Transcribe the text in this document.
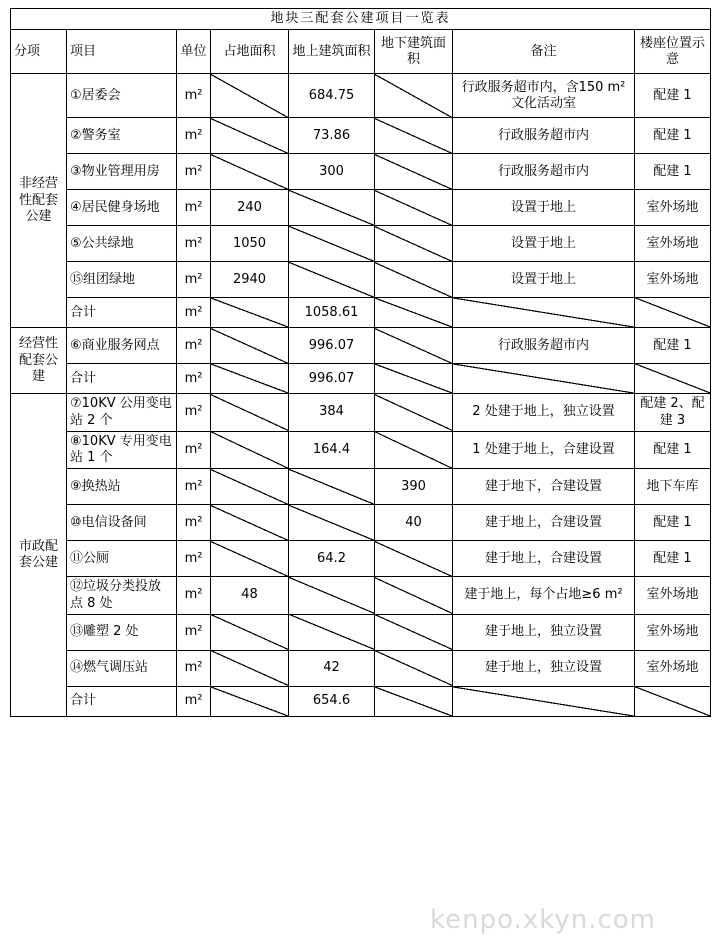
地块三配套公建项目一览表							
分项	项目	单位	占地面积	地上建筑面积	地下建筑面积	备注	楼座位置示意
非经营性配套公建	①居委会	m²		684.75		行政服务超市内，含150 m²文化活动室	配建 1
	②警务室	m²		73.86		行政服务超市内	配建 1
	③物业管理用房	m²		300		行政服务超市内	配建 1
	④居民健身场地	m²	240			设置于地上	室外场地
	⑤公共绿地	m²	1050			设置于地上	室外场地
	⑮组团绿地	m²	2940			设置于地上	室外场地
	合计	m²		1058.61			
经营性配套公建	⑥商业服务网点	m²		996.07		行政服务超市内	配建 1
	合计	m²		996.07			
市政配套公建	⑦10KV 公用变电站 2 个	m²		384		2 处建于地上，独立设置	配建 2、配建 3
	⑧10KV 专用变电站 1 个	m²		164.4		1 处建于地上，合建设置	配建 1
	⑨换热站	m²			390	建于地下，合建设置	地下车库
	⑩电信设备间	m²			40	建于地上，合建设置	配建 1
	⑪公厕	m²		64.2		建于地上，合建设置	配建 1
	⑫垃圾分类投放点 8 处	m²	48			建于地上，每个占地≥6 m²	室外场地
	⑬雕塑 2 处	m²				建于地上，独立设置	室外场地
	⑭燃气调压站	m²		42		建于地上，独立设置	室外场地
	合计	m²		654.6			
kenpo.xkyn.com
